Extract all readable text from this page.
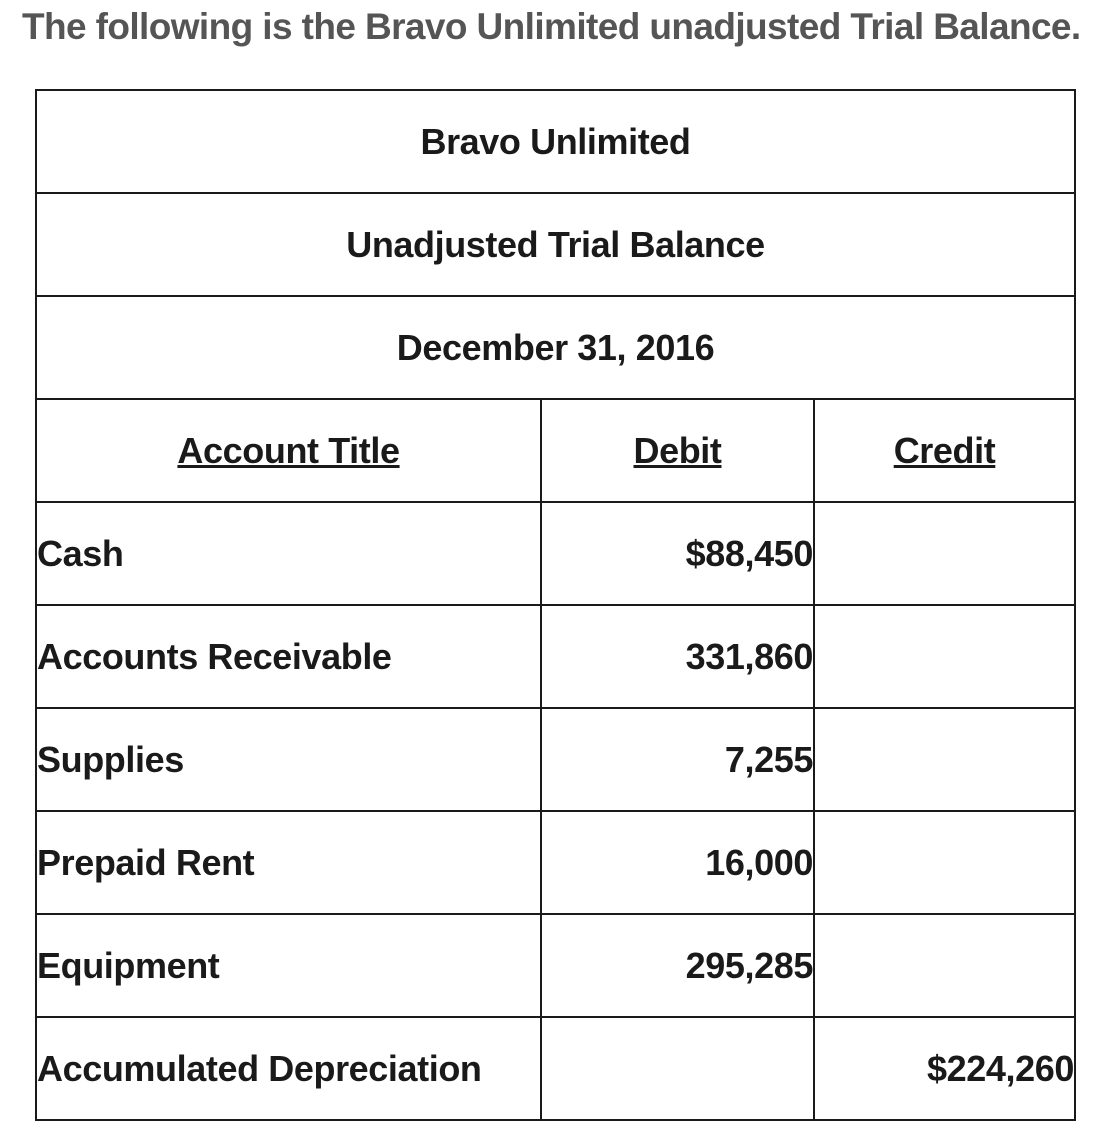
The following is the Bravo Unlimited unadjusted Trial Balance.
Bravo Unlimited		
Unadjusted Trial Balance		
December 31, 2016		
Account Title	Debit	Credit
Cash	$88,450	
Accounts Receivable	331,860	
Supplies	7,255	
Prepaid Rent	16,000	
Equipment	295,285	
Accumulated Depreciation		$224,260
